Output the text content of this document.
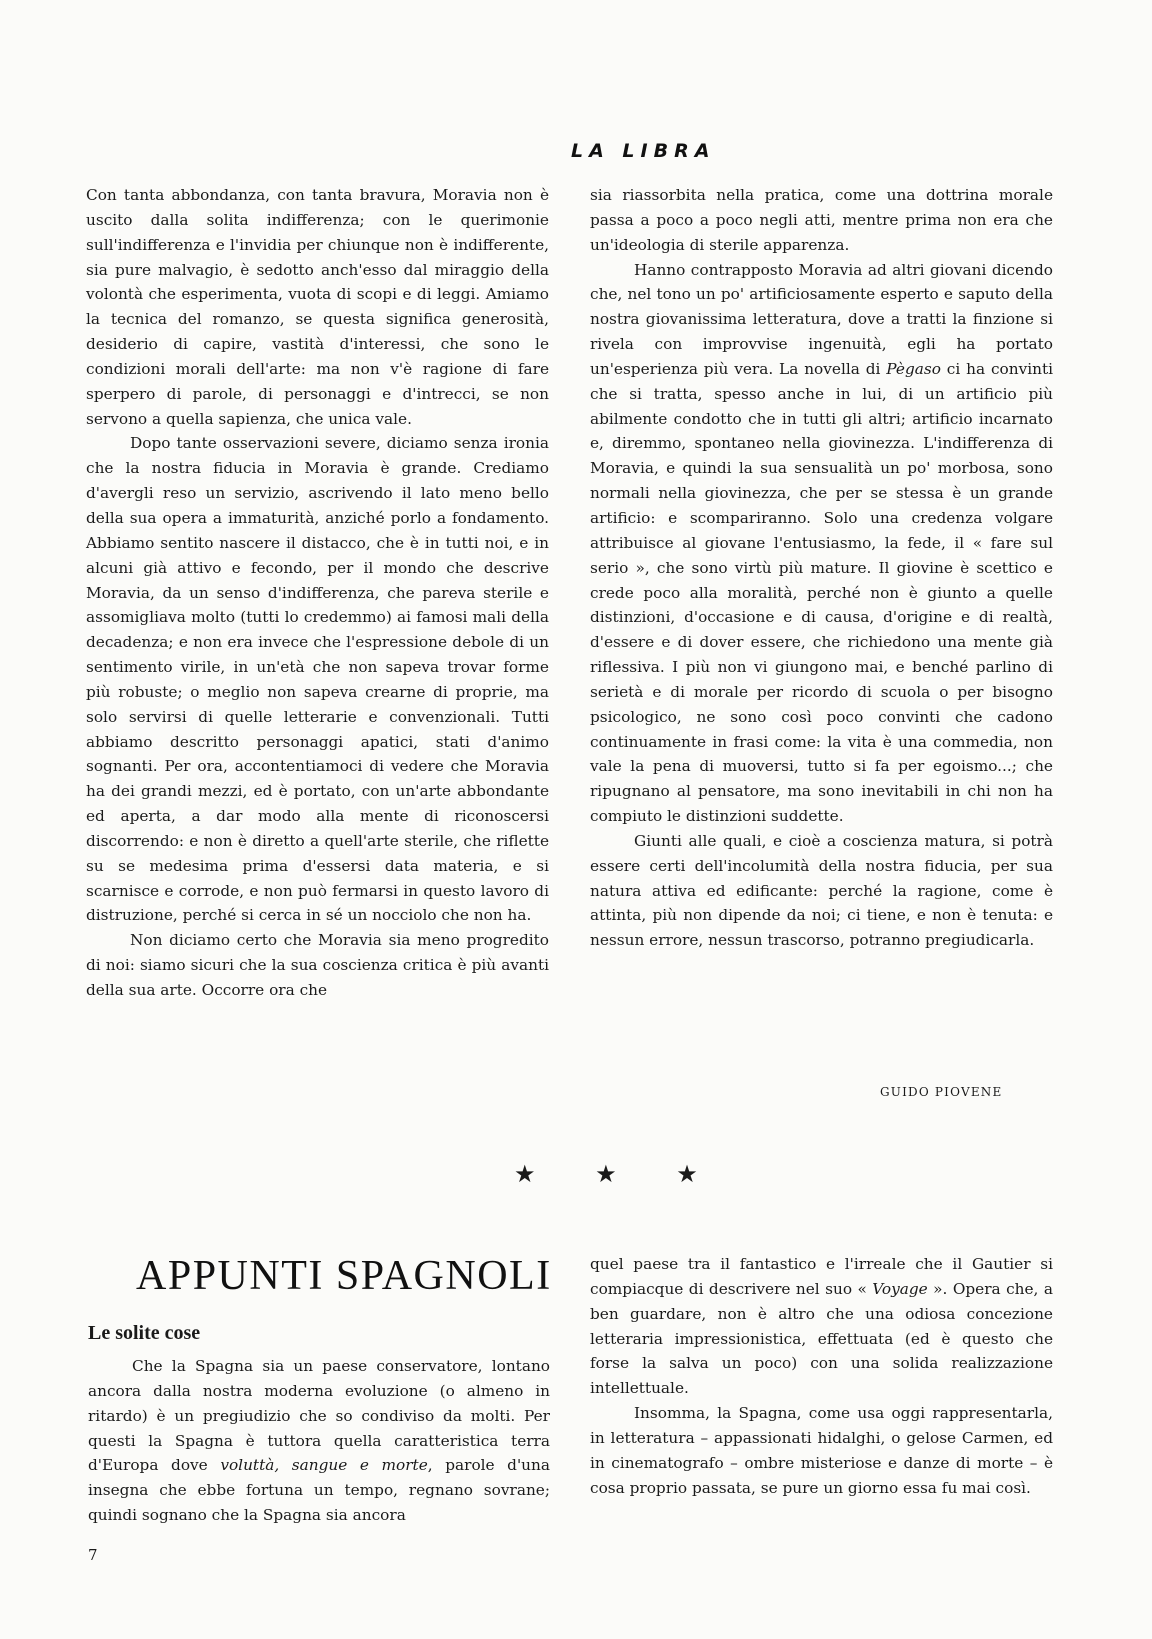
LA LIBRA

Con tanta abbondanza, con tanta bravura, Moravia non è uscito dalla solita indifferenza; con le querimonie sull'indifferenza e l'invidia per chiunque non è indifferente, sia pure malvagio, è sedotto anch'esso dal miraggio della volontà che esperimenta, vuota di scopi e di leggi. Amiamo la tecnica del romanzo, se questa significa generosità, desiderio di capire, vastità d'interessi, che sono le condizioni morali dell'arte: ma non v'è ragione di fare sperpero di parole, di personaggi e d'intrecci, se non servono a quella sapienza, che unica vale.

Dopo tante osservazioni severe, diciamo senza ironia che la nostra fiducia in Moravia è grande. Crediamo d'avergli reso un servizio, ascrivendo il lato meno bello della sua opera a immaturità, anziché porlo a fondamento. Abbiamo sentito nascere il distacco, che è in tutti noi, e in alcuni già attivo e fecondo, per il mondo che descrive Moravia, da un senso d'indifferenza, che pareva sterile e assomigliava molto (tutti lo credemmo) ai famosi mali della decadenza; e non era invece che l'espressione debole di un sentimento virile, in un'età che non sapeva trovar forme più robuste; o meglio non sapeva crearne di proprie, ma solo servirsi di quelle letterarie e convenzionali. Tutti abbiamo descritto personaggi apatici, stati d'animo sognanti. Per ora, accontentiamoci di vedere che Moravia ha dei grandi mezzi, ed è portato, con un'arte abbondante ed aperta, a dar modo alla mente di riconoscersi discorrendo: e non è diretto a quell'arte sterile, che riflette su se medesima prima d'essersi data materia, e si scarnisce e corrode, e non può fermarsi in questo lavoro di distruzione, perché si cerca in sé un nocciolo che non ha.

Non diciamo certo che Moravia sia meno progredito di noi: siamo sicuri che la sua coscienza critica è più avanti della sua arte. Occorre ora che

sia riassorbita nella pratica, come una dottrina morale passa a poco a poco negli atti, mentre prima non era che un'ideologia di sterile apparenza.

Hanno contrapposto Moravia ad altri giovani dicendo che, nel tono un po' artificiosamente esperto e saputo della nostra giovanissima letteratura, dove a tratti la finzione si rivela con improvvise ingenuità, egli ha portato un'esperienza più vera. La novella di Pègaso ci ha convinti che si tratta, spesso anche in lui, di un artificio più abilmente condotto che in tutti gli altri; artificio incarnato e, diremmo, spontaneo nella giovinezza. L'indifferenza di Moravia, e quindi la sua sensualità un po' morbosa, sono normali nella giovinezza, che per se stessa è un grande artificio: e scompariranno. Solo una credenza volgare attribuisce al giovane l'entusiasmo, la fede, il « fare sul serio », che sono virtù più mature. Il giovine è scettico e crede poco alla moralità, perché non è giunto a quelle distinzioni, d'occasione e di causa, d'origine e di realtà, d'essere e di dover essere, che richiedono una mente già riflessiva. I più non vi giungono mai, e benché parlino di serietà e di morale per ricordo di scuola o per bisogno psicologico, ne sono così poco convinti che cadono continuamente in frasi come: la vita è una commedia, non vale la pena di muoversi, tutto si fa per egoismo...; che ripugnano al pensatore, ma sono inevitabili in chi non ha compiuto le distinzioni suddette.

Giunti alle quali, e cioè a coscienza matura, si potrà essere certi dell'incolumità della nostra fiducia, per sua natura attiva ed edificante: perché la ragione, come è attinta, più non dipende da noi; ci tiene, e non è tenuta: e nessun errore, nessun trascorso, potranno pregiudicarla.

GUIDO PIOVENE
★ ★ ★
APPUNTI SPAGNOLI
Le solite cose

Che la Spagna sia un paese conservatore, lontano ancora dalla nostra moderna evoluzione (o almeno in ritardo) è un pregiudizio che so condiviso da molti. Per questi la Spagna è tuttora quella caratteristica terra d'Europa dove voluttà, sangue e morte, parole d'una insegna che ebbe fortuna un tempo, regnano sovrane; quindi sognano che la Spagna sia ancora

quel paese tra il fantastico e l'irreale che il Gautier si compiacque di descrivere nel suo « Voyage ». Opera che, a ben guardare, non è altro che una odiosa concezione letteraria impressionistica, effettuata (ed è questo che forse la salva un poco) con una solida realizzazione intellettuale.

Insomma, la Spagna, come usa oggi rappresentarla, in letteratura – appassionati hidalghi, o gelose Carmen, ed in cinematografo – ombre misteriose e danze di morte – è cosa proprio passata, se pure un giorno essa fu mai così.

7
